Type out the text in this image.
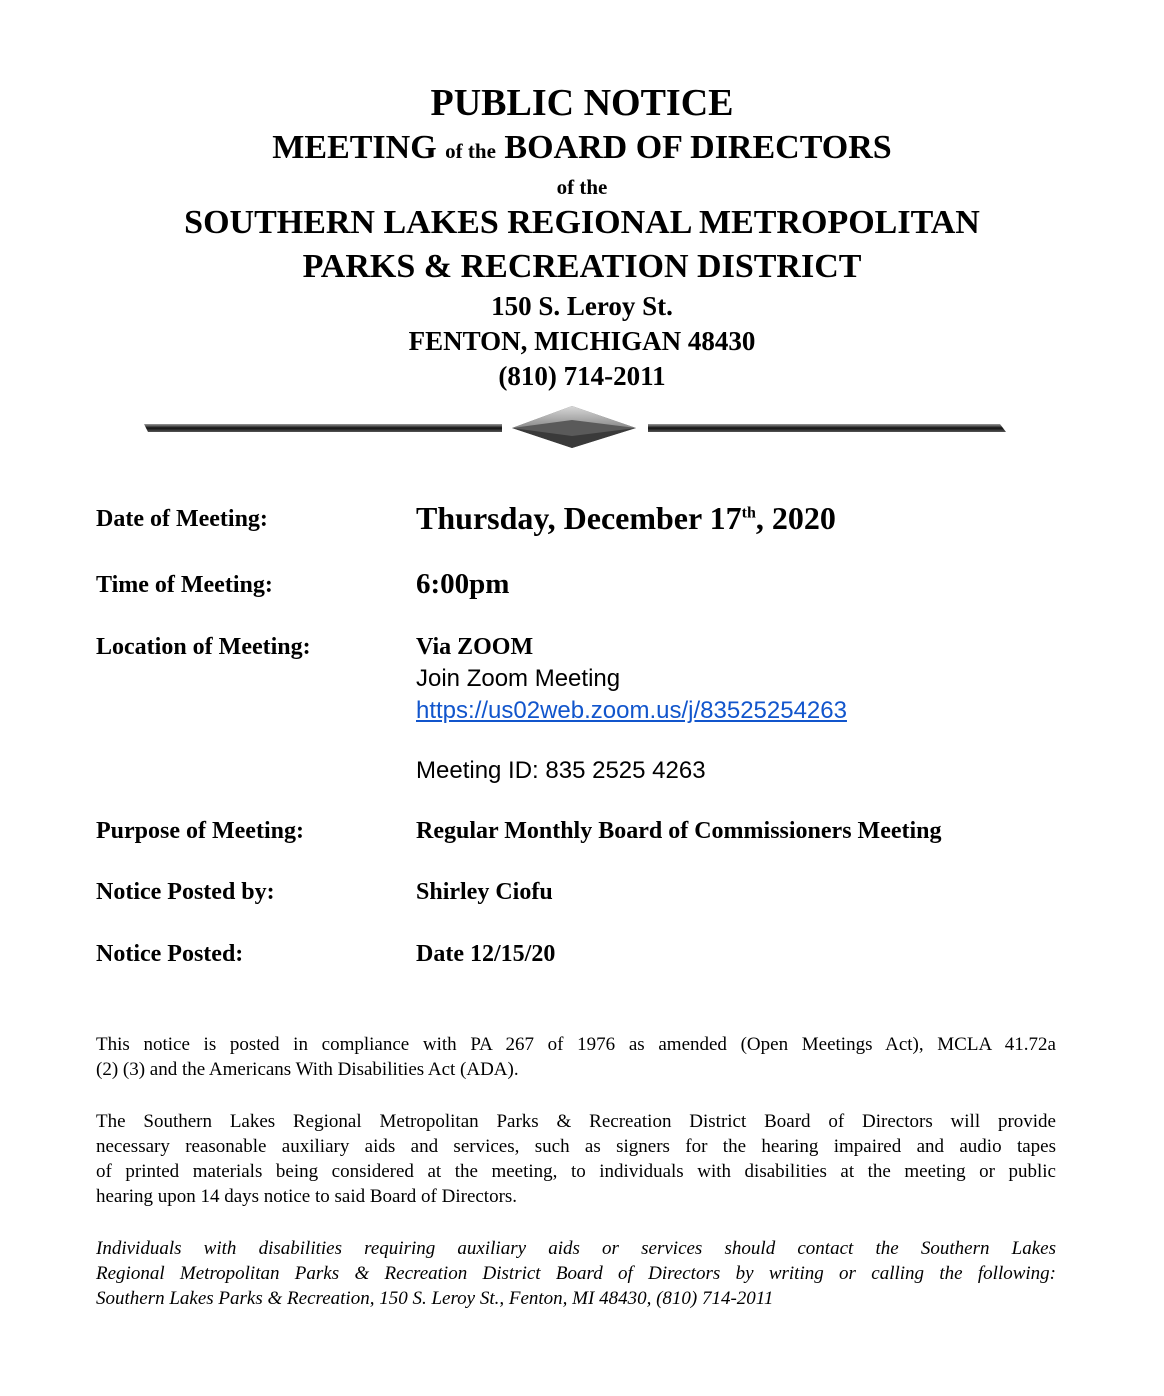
PUBLIC NOTICE
MEETING of the BOARD OF DIRECTORS
of the
SOUTHERN LAKES REGIONAL METROPOLITAN
PARKS & RECREATION DISTRICT
150 S. Leroy St.
FENTON, MICHIGAN 48430
(810) 714-2011
Date of Meeting:	Thursday, December 17th, 2020
Time of Meeting:	6:00pm
Location of Meeting:	Via ZOOM
Join Zoom Meeting
https://us02web.zoom.us/j/83525254263
Meeting ID: 835 2525 4263
Purpose of Meeting:	Regular Monthly Board of Commissioners Meeting
Notice Posted by:	Shirley Ciofu
Notice Posted:	Date 12/15/20
This notice is posted in compliance with PA 267 of 1976 as amended (Open Meetings Act), MCLA 41.72a
(2) (3) and the Americans With Disabilities Act (ADA).
The Southern Lakes Regional Metropolitan Parks & Recreation District Board of Directors will provide
necessary reasonable auxiliary aids and services, such as signers for the hearing impaired and audio tapes
of printed materials being considered at the meeting, to individuals with disabilities at the meeting or public
hearing upon 14 days notice to said Board of Directors.
Individuals with disabilities requiring auxiliary aids or services should contact the Southern Lakes
Regional Metropolitan Parks & Recreation District Board of Directors by writing or calling the following:
Southern Lakes Parks & Recreation, 150 S. Leroy St., Fenton, MI 48430, (810) 714-2011
